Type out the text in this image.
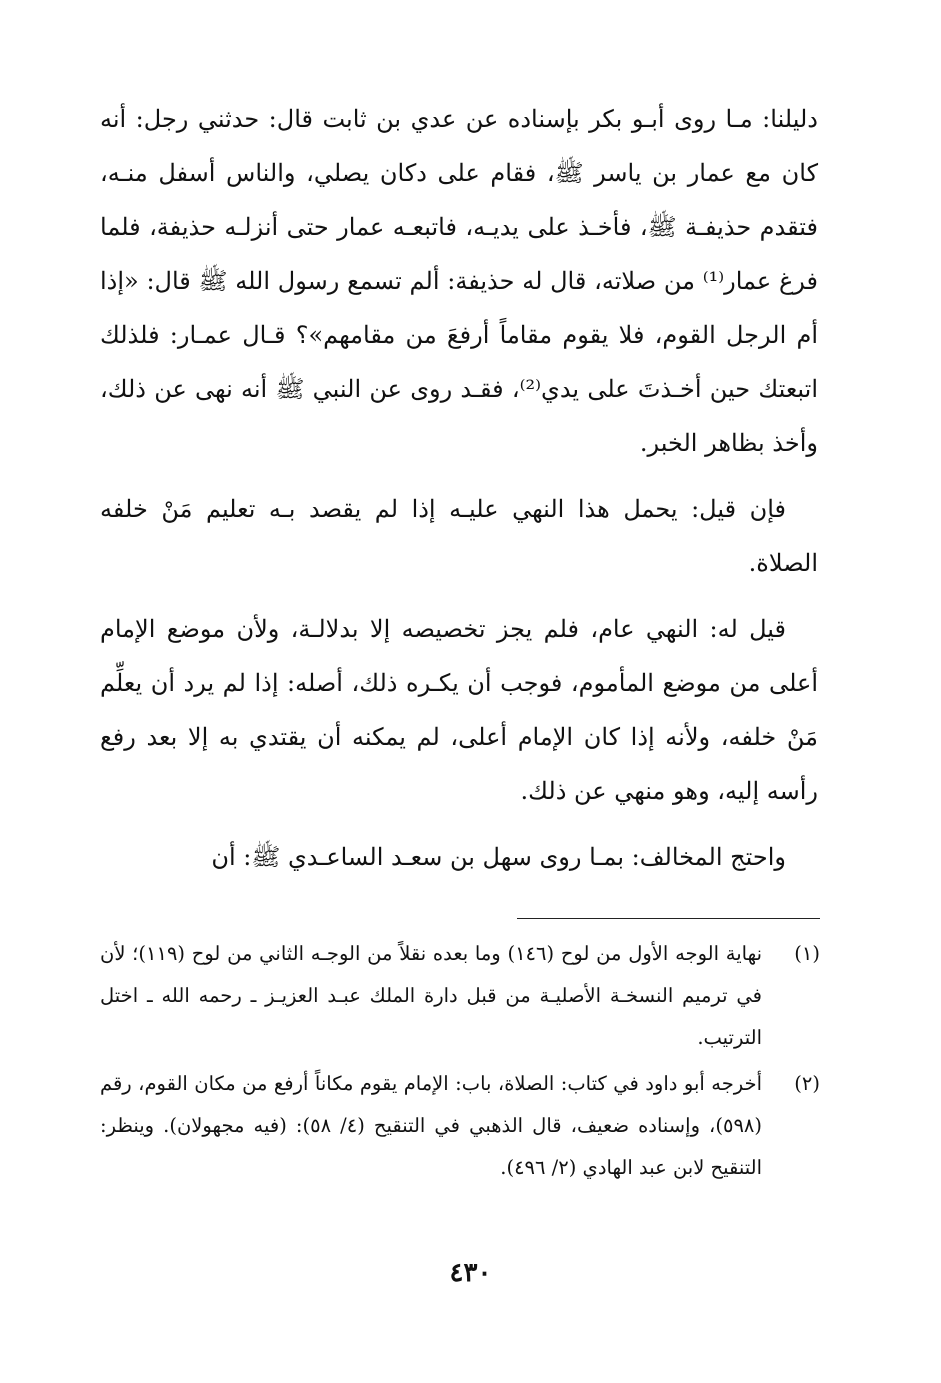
دليلنا: مـا روى أبـو بكر بإسناده عن عدي بن ثابت قال: حدثني رجل: أنه كان مع عمار بن ياسر ﷺ، فقام على دكان يصلي، والناس أسفل منـه، فتقدم حذيفـة ﷺ، فأخـذ على يديـه، فاتبعـه عمار حتى أنزلـه حذيفة، فلما فرغ عمار⁽¹⁾ من صلاته، قال له حذيفة: ألم تسمع رسول الله ﷺ قال: «إذا أم الرجل القوم، فلا يقوم مقاماً أرفعَ من مقامهم»؟ قـال عمـار: فلذلك اتبعتك حين أخـذتَ على يدي⁽²⁾، فقـد روى عن النبي ﷺ أنه نهى عن ذلك، وأخذ بظاهر الخبر.

فإن قيل: يحمل هذا النهي عليـه إذا لم يقصد بـه تعليم مَنْ خلفه الصلاة.

قيل له: النهي عام، فلم يجز تخصيصه إلا بدلالـة، ولأن موضع الإمام أعلى من موضع المأموم، فوجب أن يكـره ذلك، أصله: إذا لم يرد أن يعلِّم مَنْ خلفه، ولأنه إذا كان الإمام أعلى، لم يمكنه أن يقتدي به إلا بعد رفع رأسه إليه، وهو منهي عن ذلك.

واحتج المخالف: بمـا روى سهل بن سعـد الساعـدي ﷺ: أن

(١)
نهاية الوجه الأول من لوح (١٤٦) وما بعده نقلاً من الوجـه الثاني من لوح (١١٩)؛ لأن في ترميم النسخـة الأصليـة من قبل دارة الملك عبـد العزيـز ـ رحمه الله ـ اختل الترتيب.
(٢)
أخرجه أبو داود في كتاب: الصلاة، باب: الإمام يقوم مكاناً أرفع من مكان القوم، رقم (٥٩٨)، وإسناده ضعيف، قال الذهبي في التنقيح (٤/ ٥٨): (فيه مجهولان). وينظر: التنقيح لابن عبد الهادي (٢/ ٤٩٦).
٤٣٠
